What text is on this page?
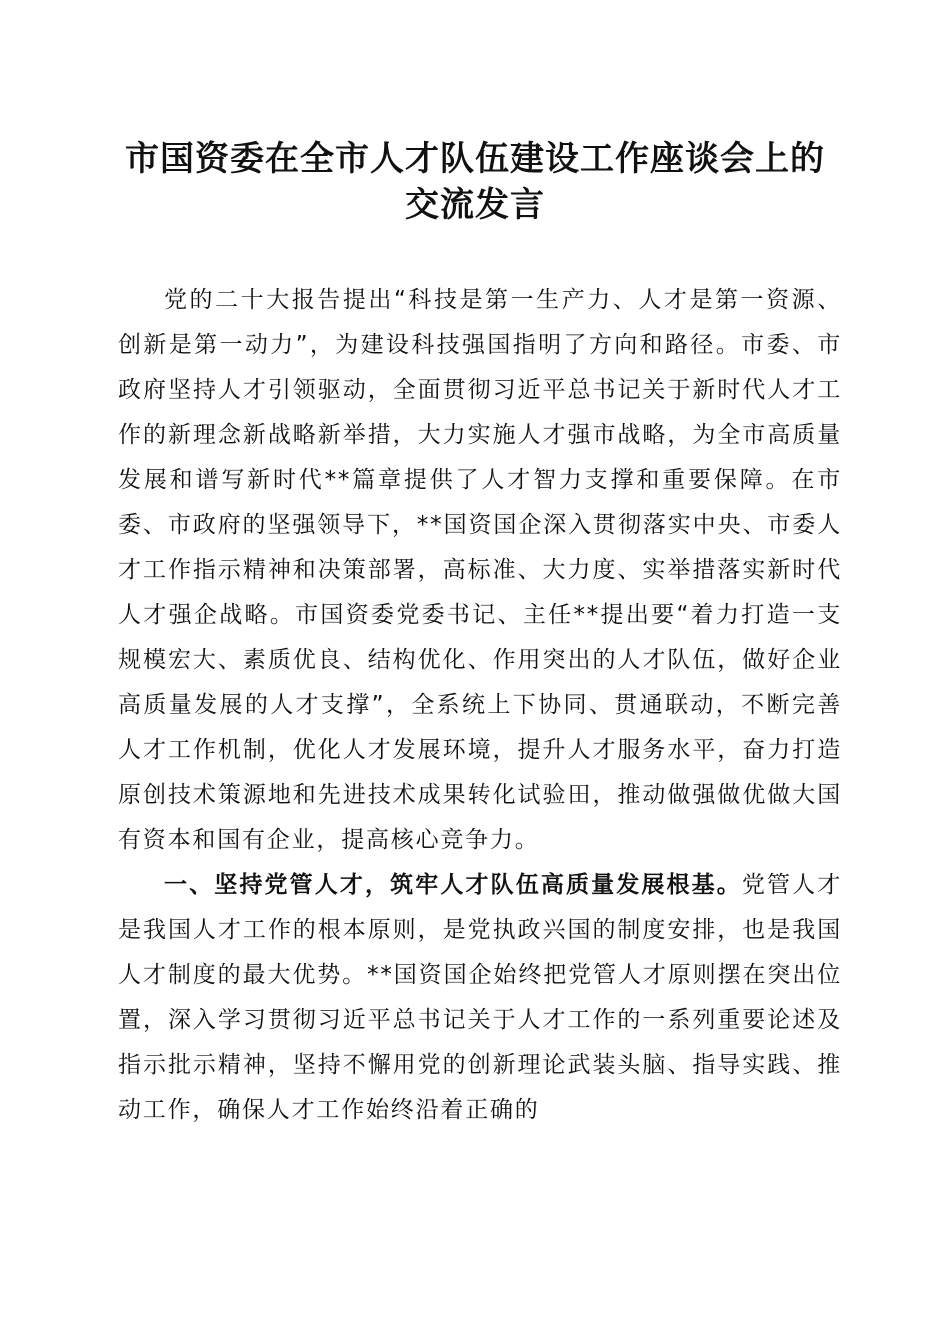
市国资委在全市人才队伍建设工作座谈会上的
交流发言

党的二十大报告提出“科技是第一生产力、人才是第一资源、创新是第一动力”，为建设科技强国指明了方向和路径。市委、市政府坚持人才引领驱动，全面贯彻习近平总书记关于新时代人才工作的新理念新战略新举措，大力实施人才强市战略，为全市高质量发展和谱写新时代**篇章提供了人才智力支撑和重要保障。在市委、市政府的坚强领导下，**国资国企深入贯彻落实中央、市委人才工作指示精神和决策部署，高标准、大力度、实举措落实新时代人才强企战略。市国资委党委书记、主任**提出要“着力打造一支规模宏大、素质优良、结构优化、作用突出的人才队伍，做好企业高质量发展的人才支撑”，全系统上下协同、贯通联动，不断完善人才工作机制，优化人才发展环境，提升人才服务水平，奋力打造原创技术策源地和先进技术成果转化试验田，推动做强做优做大国有资本和国有企业，提高核心竞争力。

一、坚持党管人才，筑牢人才队伍高质量发展根基。党管人才是我国人才工作的根本原则，是党执政兴国的制度安排，也是我国人才制度的最大优势。**国资国企始终把党管人才原则摆在突出位置，深入学习贯彻习近平总书记关于人才工作的一系列重要论述及指示批示精神，坚持不懈用党的创新理论武装头脑、指导实践、推动工作，确保人才工作始终沿着正确的
